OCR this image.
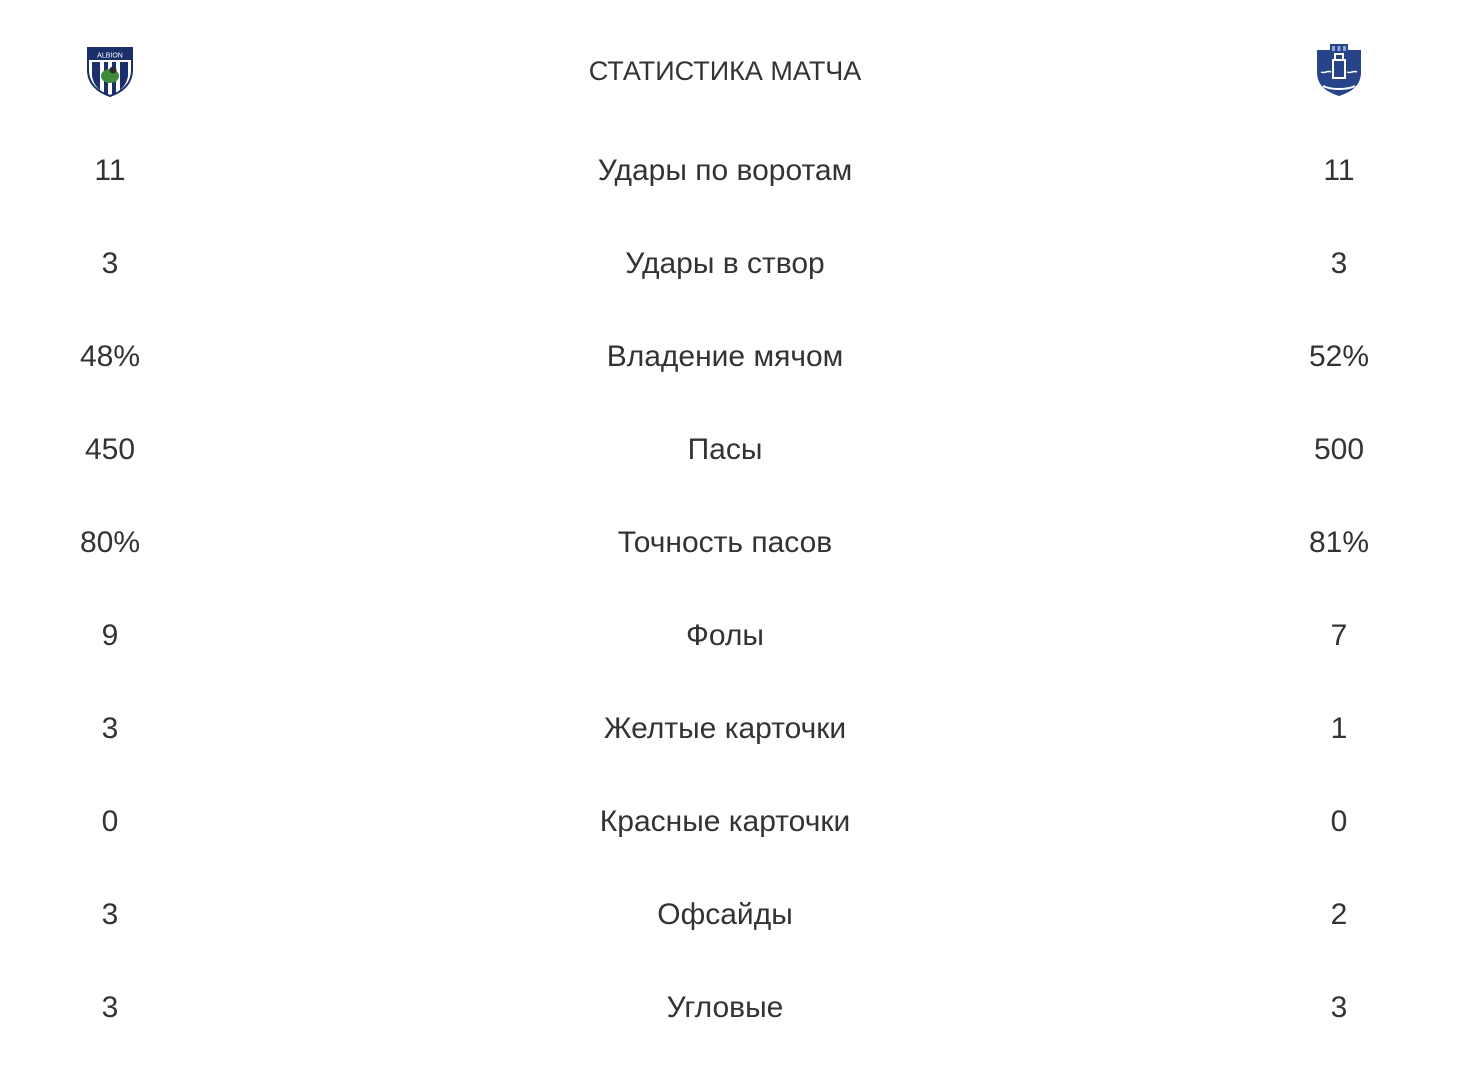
ALBION	СТАТИСТИКА МАТЧА
11	Удары по воротам	11
3	Удары в створ	3
48%	Владение мячом	52%
450	Пасы	500
80%	Точность пасов	81%
9	Фолы	7
3	Желтые карточки	1
0	Красные карточки	0
3	Офсайды	2
3	Угловые	3
